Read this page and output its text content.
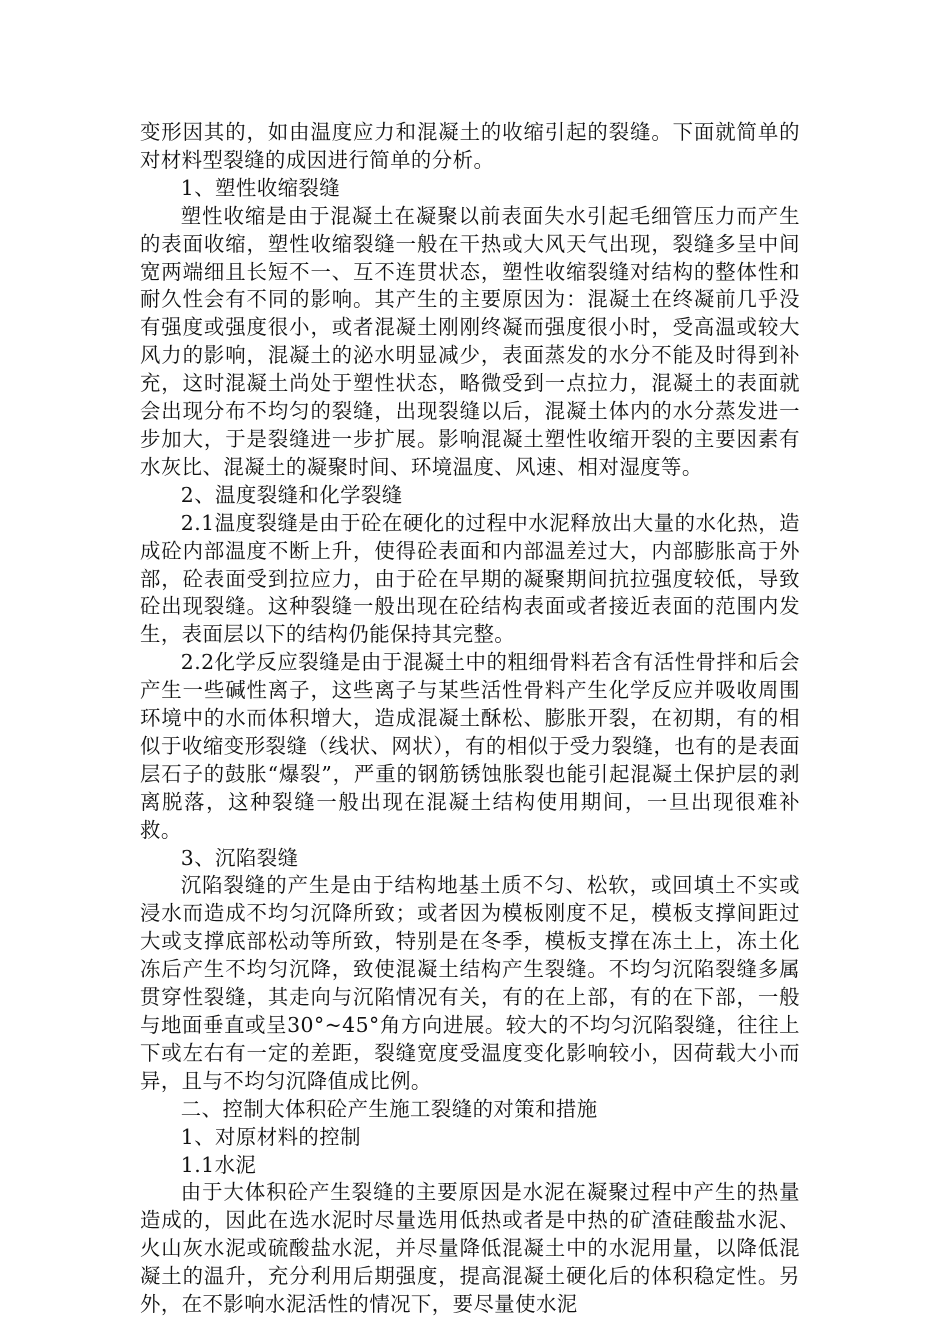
变形因其的，如由温度应力和混凝土的收缩引起的裂缝。下面就简单的对材料型裂缝的成因进行简单的分析。

1、塑性收缩裂缝

塑性收缩是由于混凝土在凝聚以前表面失水引起毛细管压力而产生的表面收缩，塑性收缩裂缝一般在干热或大风天气出现，裂缝多呈中间宽两端细且长短不一、互不连贯状态，塑性收缩裂缝对结构的整体性和耐久性会有不同的影响。其产生的主要原因为：混凝土在终凝前几乎没有强度或强度很小，或者混凝土刚刚终凝而强度很小时，受高温或较大风力的影响，混凝土的泌水明显减少，表面蒸发的水分不能及时得到补充，这时混凝土尚处于塑性状态，略微受到一点拉力，混凝土的表面就会出现分布不均匀的裂缝，出现裂缝以后，混凝土体内的水分蒸发进一步加大，于是裂缝进一步扩展。影响混凝土塑性收缩开裂的主要因素有水灰比、混凝土的凝聚时间、环境温度、风速、相对湿度等。

2、温度裂缝和化学裂缝

2.1温度裂缝是由于砼在硬化的过程中水泥释放出大量的水化热，造成砼内部温度不断上升，使得砼表面和内部温差过大，内部膨胀高于外部，砼表面受到拉应力，由于砼在早期的凝聚期间抗拉强度较低，导致砼出现裂缝。这种裂缝一般出现在砼结构表面或者接近表面的范围内发生，表面层以下的结构仍能保持其完整。

2.2化学反应裂缝是由于混凝土中的粗细骨料若含有活性骨拌和后会产生一些碱性离子，这些离子与某些活性骨料产生化学反应并吸收周围环境中的水而体积增大，造成混凝土酥松、膨胀开裂，在初期，有的相似于收缩变形裂缝（线状、网状），有的相似于受力裂缝，也有的是表面层石子的鼓胀“爆裂”，严重的钢筋锈蚀胀裂也能引起混凝土保护层的剥离脱落，这种裂缝一般出现在混凝土结构使用期间，一旦出现很难补救。

3、沉陷裂缝

沉陷裂缝的产生是由于结构地基土质不匀、松软，或回填土不实或浸水而造成不均匀沉降所致；或者因为模板刚度不足，模板支撑间距过大或支撑底部松动等所致，特别是在冬季，模板支撑在冻土上，冻土化冻后产生不均匀沉降，致使混凝土结构产生裂缝。不均匀沉陷裂缝多属贯穿性裂缝，其走向与沉陷情况有关，有的在上部，有的在下部，一般与地面垂直或呈30°~45°角方向进展。较大的不均匀沉陷裂缝，往往上下或左右有一定的差距，裂缝宽度受温度变化影响较小，因荷载大小而异，且与不均匀沉降值成比例。

二、控制大体积砼产生施工裂缝的对策和措施

1、对原材料的控制

1.1水泥

由于大体积砼产生裂缝的主要原因是水泥在凝聚过程中产生的热量造成的，因此在选水泥时尽量选用低热或者是中热的矿渣硅酸盐水泥、火山灰水泥或硫酸盐水泥，并尽量降低混凝土中的水泥用量，以降低混凝土的温升，充分利用后期强度，提高混凝土硬化后的体积稳定性。另外，在不影响水泥活性的情况下，要尽量使水泥
